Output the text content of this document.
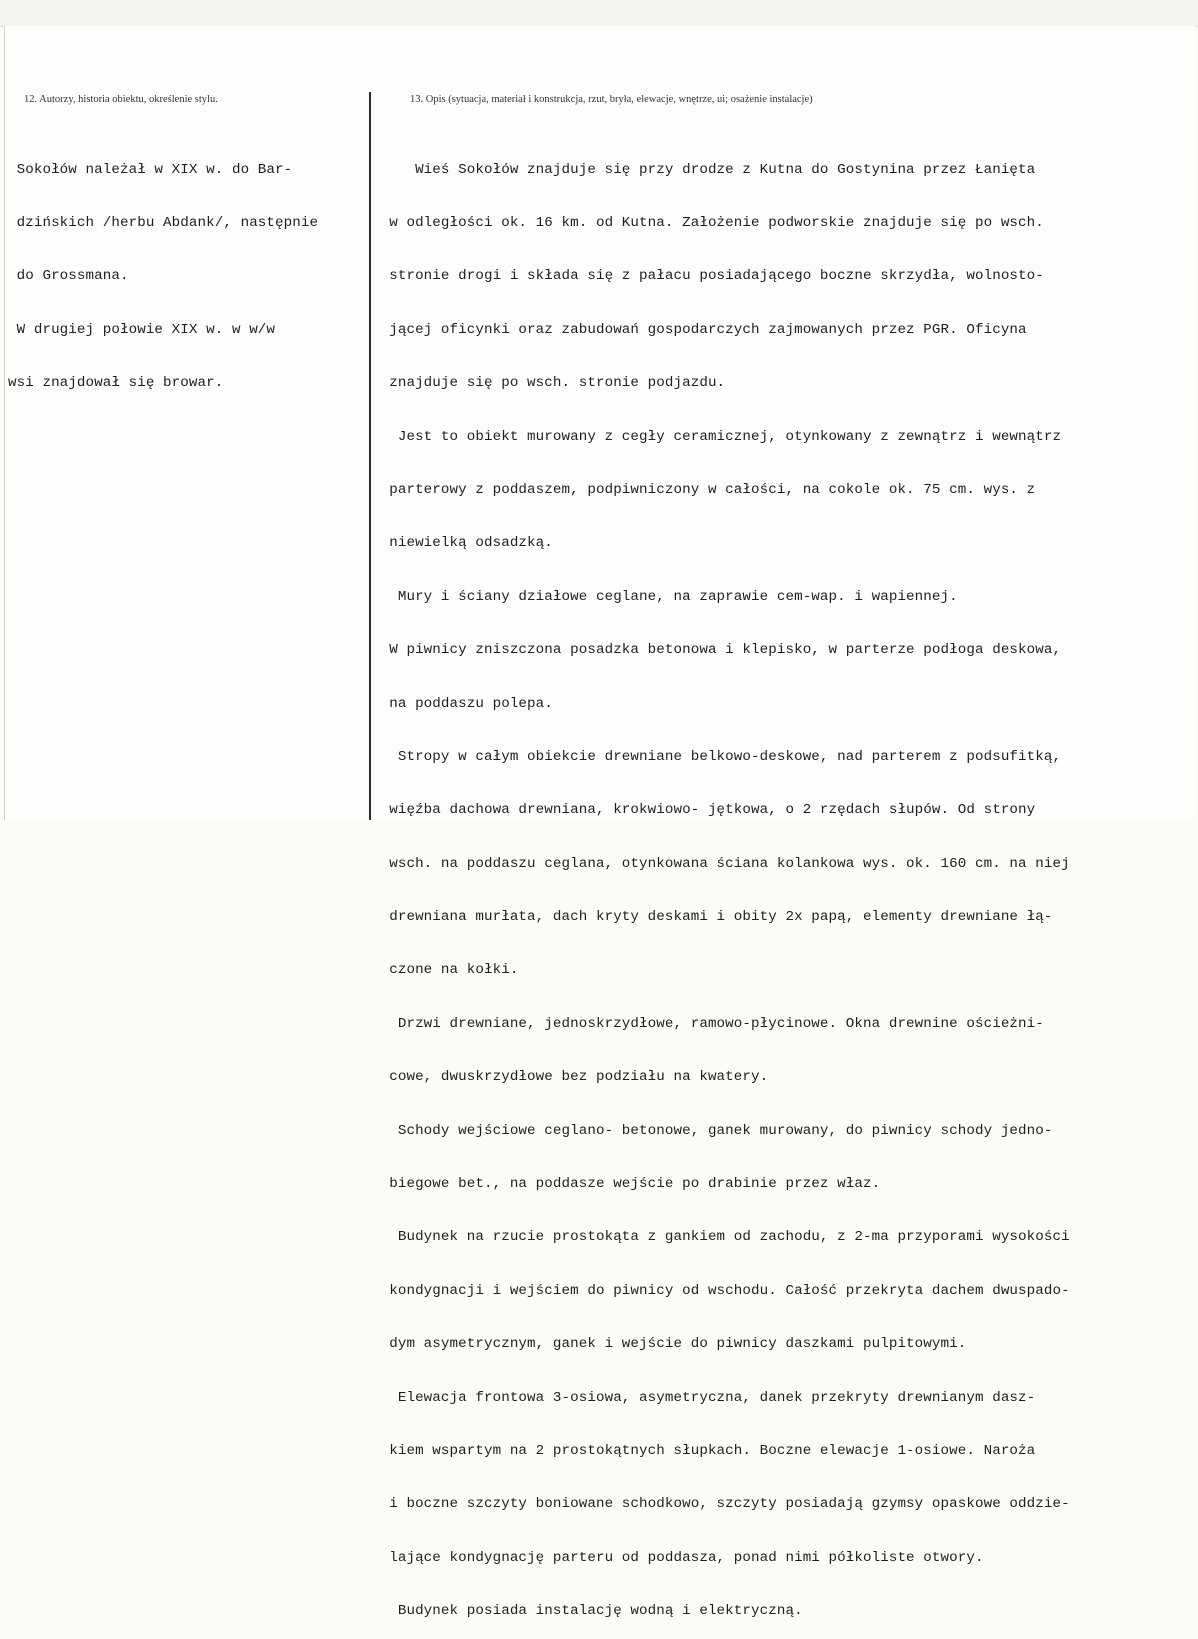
12. Autorzy, historia obiektu, określenie stylu.	13. Opis (sytuacja, materiał i konstrukcja, rzut, bryła, elewacje, wnętrze, ui; osażenie instalacje)

Sokołów należał w XIX w. do Bar-

dzińskich /herbu Abdank/, następnie

do Grossmana.

W drugiej połowie XIX w. w w/w

wsi znajdował się browar.

Wieś Sokołów znajduje się przy drodze z Kutna do Gostynina przez Łanięta

w odległości ok. 16 km. od Kutna. Założenie podworskie znajduje się po wsch.

stronie drogi i składa się z pałacu posiadającego boczne skrzydła, wolnosto-

jącej oficynki oraz zabudowań gospodarczych zajmowanych przez PGR. Oficyna

znajduje się po wsch. stronie podjazdu.

Jest to obiekt murowany z cegły ceramicznej, otynkowany z zewnątrz i wewnątrz

parterowy z poddaszem, podpiwniczony w całości, na cokole ok. 75 cm. wys. z

niewielką odsadzką.

Mury i ściany działowe ceglane, na zaprawie cem-wap. i wapiennej.

W piwnicy zniszczona posadzka betonowa i klepisko, w parterze podłoga deskowa,

na poddaszu polepa.

Stropy w całym obiekcie drewniane belkowo-deskowe, nad parterem z podsufitką,

więźba dachowa drewniana, krokwiowo- jętkowa, o 2 rzędach słupów. Od strony

wsch. na poddaszu ceglana, otynkowana ściana kolankowa wys. ok. 160 cm. na niej

drewniana murłata, dach kryty deskami i obity 2x papą, elementy drewniane łą-

czone na kołki.

Drzwi drewniane, jednoskrzydłowe, ramowo-płycinowe. Okna drewnine ościeżni-

cowe, dwuskrzydłowe bez podziału na kwatery.

Schody wejściowe ceglano- betonowe, ganek murowany, do piwnicy schody jedno-

biegowe bet., na poddasze wejście po drabinie przez właz.

Budynek na rzucie prostokąta z gankiem od zachodu, z 2-ma przyporami wysokości

kondygnacji i wejściem do piwnicy od wschodu. Całość przekryta dachem dwuspado-

dym asymetrycznym, ganek i wejście do piwnicy daszkami pulpitowymi.

Elewacja frontowa 3-osiowa, asymetryczna, danek przekryty drewnianym dasz-

kiem wspartym na 2 prostokątnych słupkach. Boczne elewacje 1-osiowe. Naroża

i boczne szczyty boniowane schodkowo, szczyty posiadają gzymsy opaskowe oddzie-

lające kondygnację parteru od poddasza, ponad nimi półkoliste otwory.

Budynek posiada instalację wodną i elektryczną.
